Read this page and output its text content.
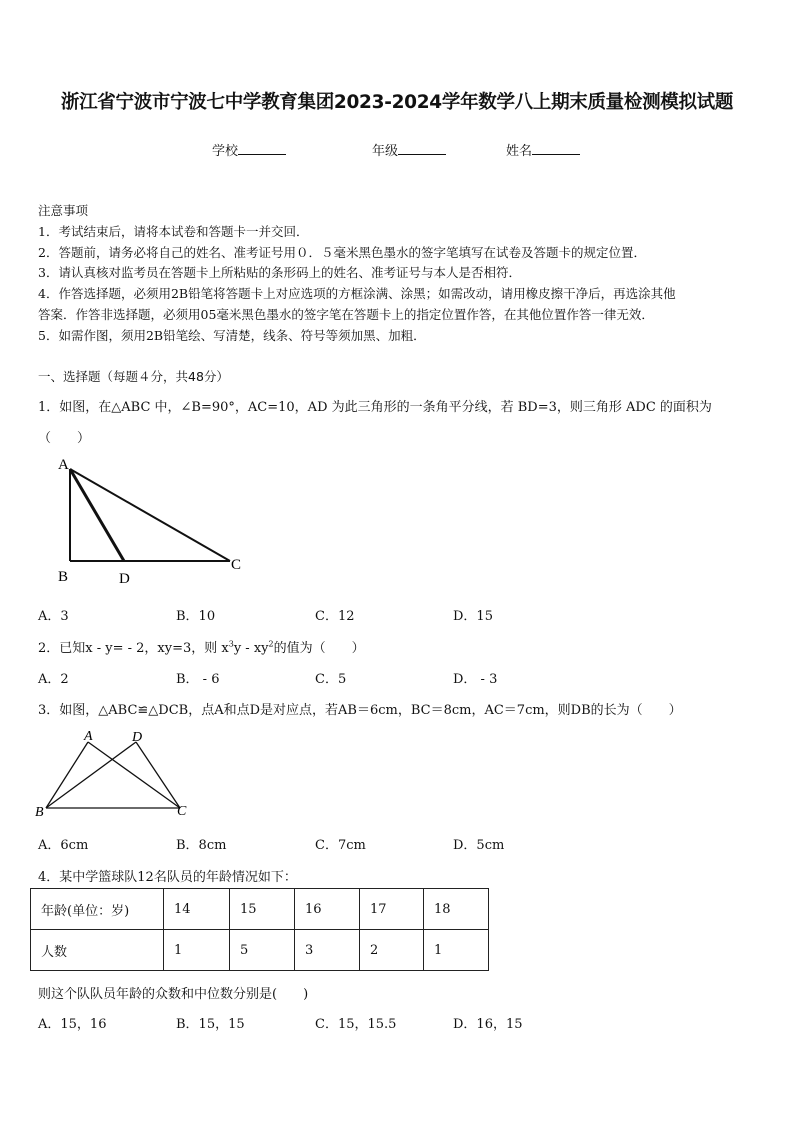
浙江省宁波市宁波七中学教育集团2023-2024学年数学八上期末质量检测模拟试题
学校	年级	姓名
注意事项
1．考试结束后，请将本试卷和答题卡一并交回．
2．答题前，请务必将自己的姓名、准考证号用０．５毫米黑色墨水的签字笔填写在试卷及答题卡的规定位置．
3．请认真核对监考员在答题卡上所粘贴的条形码上的姓名、准考证号与本人是否相符．
4．作答选择题，必须用2B铅笔将答题卡上对应选项的方框涂满、涂黑；如需改动，请用橡皮擦干净后，再选涂其他
答案．作答非选择题，必须用05毫米黑色墨水的签字笔在答题卡上的指定位置作答，在其他位置作答一律无效．
5．如需作图，须用2B铅笔绘、写清楚，线条、符号等须加黑、加粗．
一、选择题（每题４分，共48分）
1．如图，在△ABC 中，∠B=90°，AC=10，AD 为此三角形的一条角平分线，若 BD=3，则三角形 ADC 的面积为
（　　）
A
B	D
C
A．3	B．10	C．12	D．15
2．已知x - y= - 2，xy=3，则 $x^3y - xy^2$的值为（　　）
A．2	B． - 6	C．5	D． - 3
3．如图，△ABC≌△DCB，点A和点D是对应点，若AB＝6cm，BC＝8cm，AC＝7cm，则DB的长为（　　）
A	D
B	C
A．6cm	B．8cm	C．7cm	D．5cm
4．某中学篮球队12名队员的年龄情况如下：
年龄(单位：岁)	14	15	16	17	18
人数	1	5	3	2	1
则这个队队员年龄的众数和中位数分别是(　　)
A．15，16	B．15，15	C．15，15.5	D．16，15
